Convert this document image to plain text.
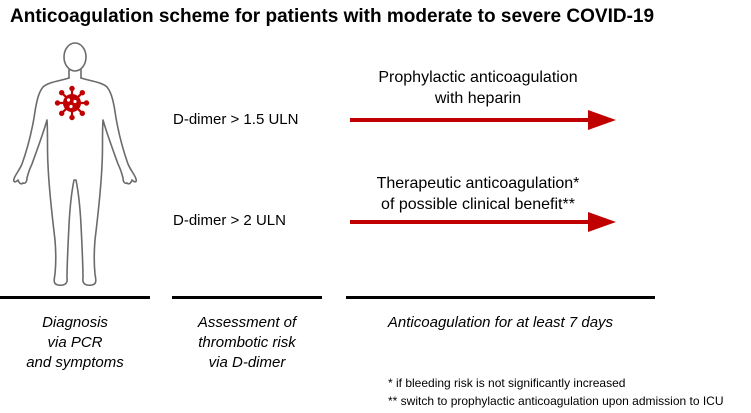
Anticoagulation scheme for patients with moderate to severe COVID-19
D-dimer > 1.5 ULN
Prophylactic anticoagulation
with heparin
D-dimer > 2 ULN
Therapeutic anticoagulation*
of possible clinical benefit**
Diagnosis
via PCR
and symptoms
Assessment of
thrombotic risk
via D-dimer
Anticoagulation for at least 7 days
* if bleeding risk is not significantly increased
** switch to prophylactic anticoagulation upon admission to ICU
